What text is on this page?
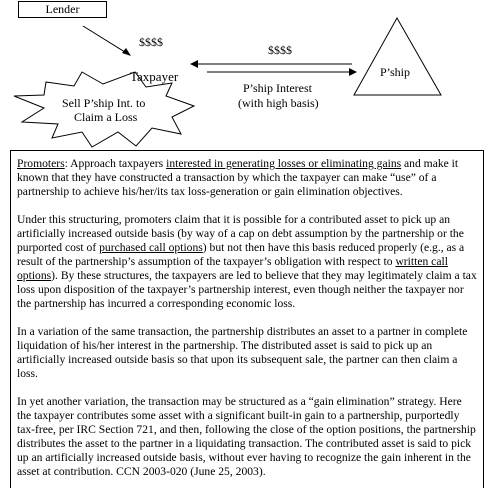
Lender
$$$$
$$$$
Taxpayer	P’ship
P’ship Interest
(with high basis)
Sell P’ship Int. to
Claim a Loss

Promoters: Approach taxpayers interested in generating losses or eliminating gains and make it known that they have constructed a transaction by which the taxpayer can make “use” of a partnership to achieve his/her/its tax loss-generation or gain elimination objectives.

Under this structuring, promoters claim that it is possible for a contributed asset to pick up an artificially increased outside basis (by way of a cap on debt assumption by the partnership or the purported cost of purchased call options) but not then have this basis reduced properly (e.g., as a result of the partnership’s assumption of the taxpayer’s obligation with respect to written call options). By these structures, the taxpayers are led to believe that they may legitimately claim a tax loss upon disposition of the taxpayer’s partnership interest, even though neither the taxpayer nor the partnership has incurred a corresponding economic loss.

In a variation of the same transaction, the partnership distributes an asset to a partner in complete liquidation of his/her interest in the partnership. The distributed asset is said to pick up an artificially increased outside basis so that upon its subsequent sale, the partner can then claim a loss.

In yet another variation, the transaction may be structured as a “gain elimination” strategy. Here the taxpayer contributes some asset with a significant built-in gain to a partnership, purportedly tax-free, per IRC Section 721, and then, following the close of the option positions, the partnership distributes the asset to the partner in a liquidating transaction. The contributed asset is said to pick up an artificially increased outside basis, without ever having to recognize the gain inherent in the asset at contribution. CCN 2003-020 (June 25, 2003).
